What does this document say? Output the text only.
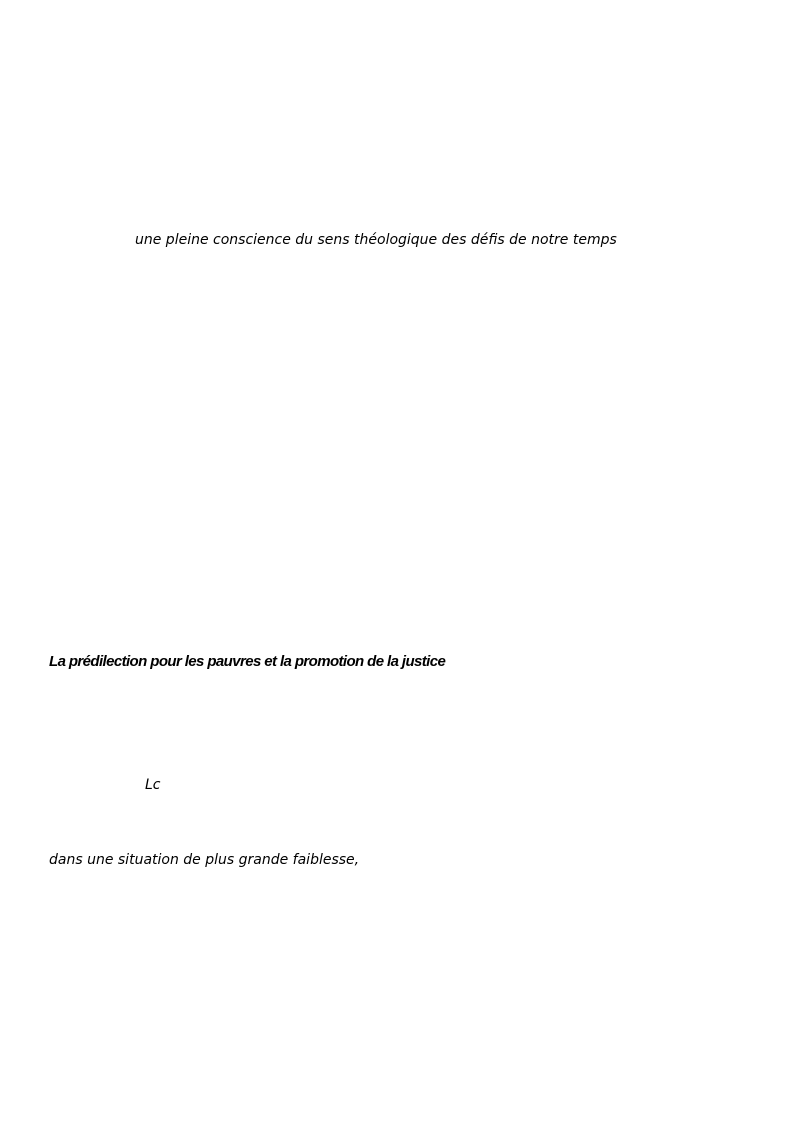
une pleine conscience du sens théologique des défis de notre temps
La prédilection pour les pauvres et la promotion de la justice
Lc
dans une situation de plus grande faiblesse,
